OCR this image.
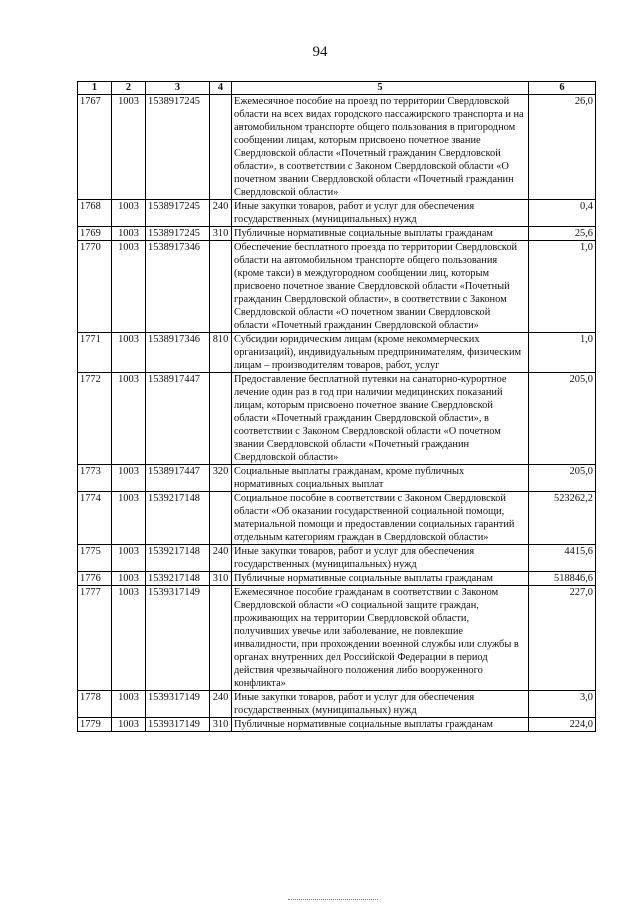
94
1	2	3	4	5	6
1767	1003	1538917245		Ежемесячное пособие на проезд по территории Свердловской области на всех видах городского пассажирского транспорта и на автомобильном транспорте общего пользования в пригородном сообщении лицам, которым присвоено почетное звание Свердловской области «Почетный гражданин Свердловской области», в соответствии с Законом Свердловской области «О почетном звании Свердловской области «Почетный гражданин Свердловской области»	26,0
1768	1003	1538917245	240	Иные закупки товаров, работ и услуг для обеспечения государственных (муниципальных) нужд	0,4
1769	1003	1538917245	310	Публичные нормативные социальные выплаты гражданам	25,6
1770	1003	1538917346		Обеспечение бесплатного проезда по территории Свердловской области на автомобильном транспорте общего пользования (кроме такси) в междугородном сообщении лиц, которым присвоено почетное звание Свердловской области «Почетный гражданин Свердловской области», в соответствии с Законом Свердловской области «О почетном звании Свердловской области «Почетный гражданин Свердловской области»	1,0
1771	1003	1538917346	810	Субсидии юридическим лицам (кроме некоммерческих организаций), индивидуальным предпринимателям, физическим лицам – производителям товаров, работ, услуг	1,0
1772	1003	1538917447		Предоставление бесплатной путевки на санаторно-курортное лечение один раз в год при наличии медицинских показаний лицам, которым присвоено почетное звание Свердловской области «Почетный гражданин Свердловской области», в соответствии с Законом Свердловской области «О почетном звании Свердловской области «Почетный гражданин Свердловской области»	205,0
1773	1003	1538917447	320	Социальные выплаты гражданам, кроме публичных нормативных социальных выплат	205,0
1774	1003	1539217148		Социальное пособие в соответствии с Законом Свердловской области «Об оказании государственной социальной помощи, материальной помощи и предоставлении социальных гарантий отдельным категориям граждан в Свердловской области»	523262,2
1775	1003	1539217148	240	Иные закупки товаров, работ и услуг для обеспечения государственных (муниципальных) нужд	4415,6
1776	1003	1539217148	310	Публичные нормативные социальные выплаты гражданам	518846,6
1777	1003	1539317149		Ежемесячное пособие гражданам в соответствии с Законом Свердловской области «О социальной защите граждан, проживающих на территории Свердловской области, получивших увечье или заболевание, не повлекшие инвалидности, при прохождении военной службы или службы в органах внутренних дел Российской Федерации в период действия чрезвычайного положения либо вооруженного конфликта»	227,0
1778	1003	1539317149	240	Иные закупки товаров, работ и услуг для обеспечения государственных (муниципальных) нужд	3,0
1779	1003	1539317149	310	Публичные нормативные социальные выплаты гражданам	224,0
